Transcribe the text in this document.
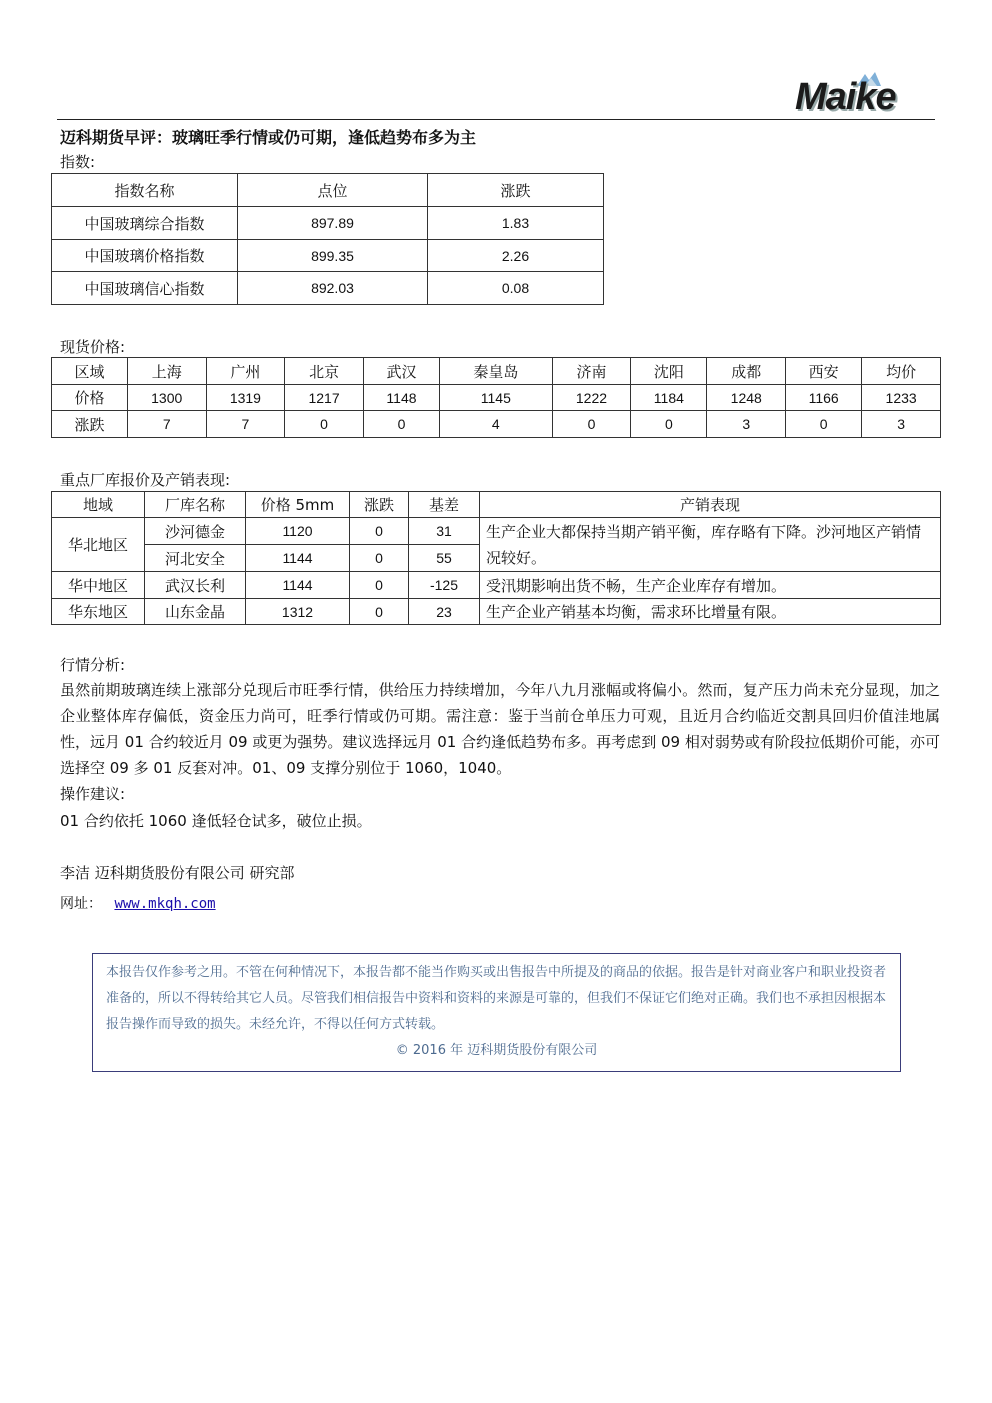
Maike
迈科期货早评：玻璃旺季行情或仍可期，逢低趋势布多为主
指数:
指数名称	点位	涨跌
中国玻璃综合指数	897.89	1.83
中国玻璃价格指数	899.35	2.26
中国玻璃信心指数	892.03	0.08
现货价格:
区域	上海	广州	北京	武汉	秦皇岛	济南	沈阳	成都	西安	均价
价格	1300	1319	1217	1148	1145	1222	1184	1248	1166	1233
涨跌	7	7	0	0	4	0	0	3	0	3
重点厂库报价及产销表现:
地域	厂库名称	价格 5mm	涨跌	基差	产销表现
华北地区	沙河德金	1120	0	31	生产企业大都保持当期产销平衡，库存略有下降。沙河地区产销情况较好。
	河北安全	1144	0	55	
华中地区	武汉长利	1144	0	-125	受汛期影响出货不畅，生产企业库存有增加。
华东地区	山东金晶	1312	0	23	生产企业产销基本均衡，需求环比增量有限。
行情分析:
虽然前期玻璃连续上涨部分兑现后市旺季行情，供给压力持续增加，今年八九月涨幅或将偏小。然而，复产压力尚未充分显现，加之企业整体库存偏低，资金压力尚可，旺季行情或仍可期。需注意：鉴于当前仓单压力可观，且近月合约临近交割具回归价值洼地属性，远月 01 合约较近月 09 或更为强势。建议选择远月 01 合约逢低趋势布多。再考虑到 09 相对弱势或有阶段拉低期价可能，亦可选择空 09 多 01 反套对冲。01、09 支撑分别位于 1060，1040。
操作建议:
01 合约依托 1060 逢低轻仓试多，破位止损。
李洁 迈科期货股份有限公司 研究部
网址： www.mkqh.com
本报告仅作参考之用。不管在何种情况下，本报告都不能当作购买或出售报告中所提及的商品的依据。报告是针对商业客户和职业投资者准备的，所以不得转给其它人员。尽管我们相信报告中资料和资料的来源是可靠的，但我们不保证它们绝对正确。我们也不承担因根据本报告操作而导致的损失。未经允许，不得以任何方式转载。
© 2016 年 迈科期货股份有限公司
